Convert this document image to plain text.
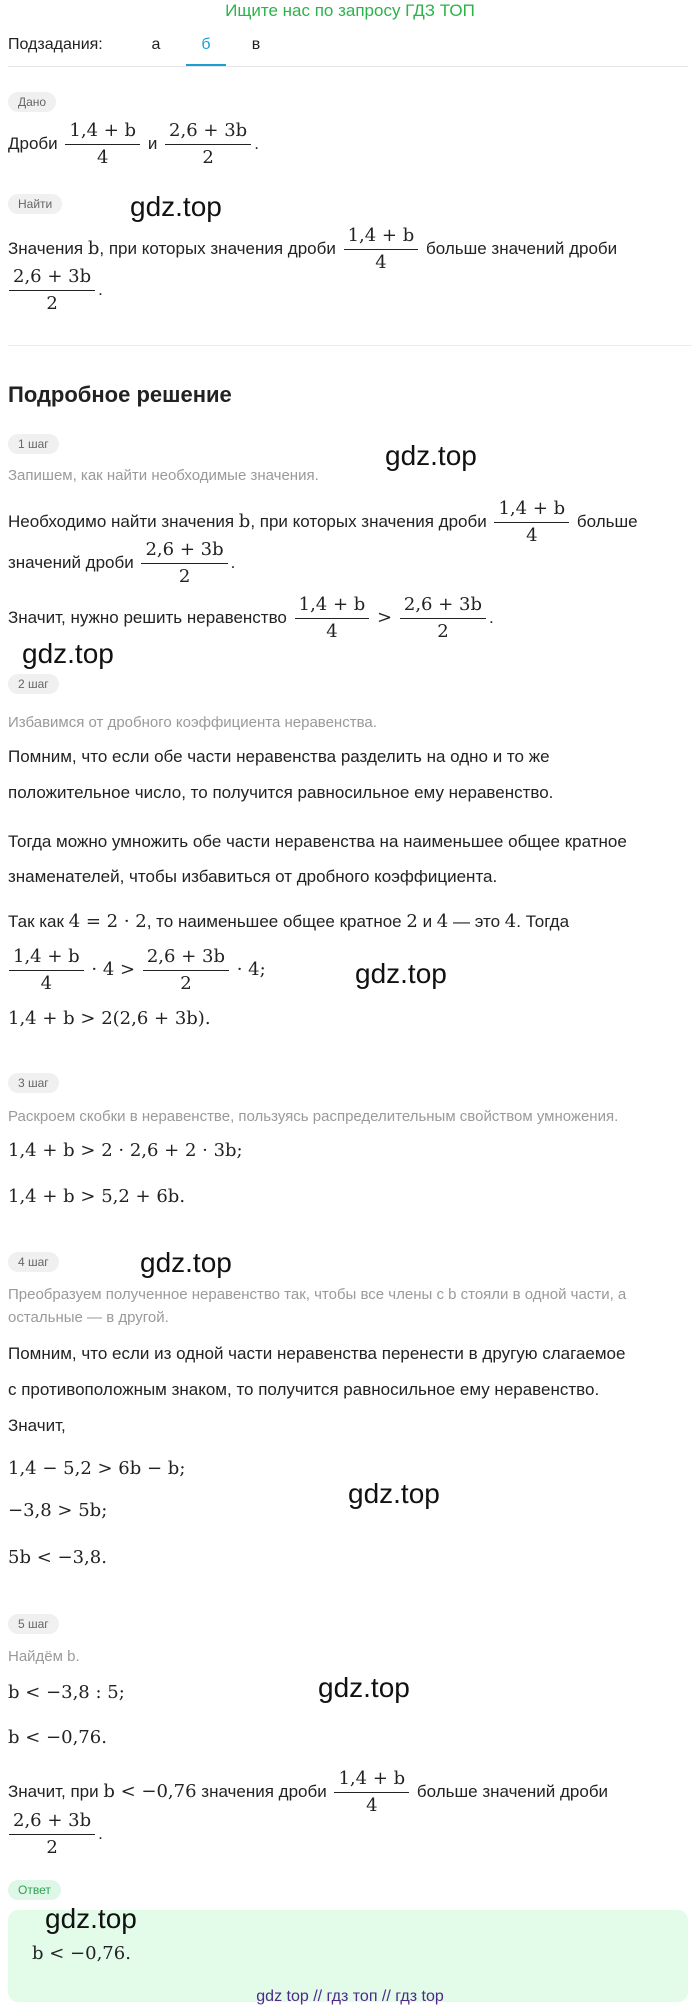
Ищите нас по запросу ГДЗ ТОП
Подзадания:	а	б	в
Дано
Дроби $\frac{1,4 + b}{4}$ и $\frac{2,6 + 3b}{2}$ .
Найти	gdz.top
Значения b, при которых значения дроби $\frac{1,4 + b}{4}$ больше значений дроби
$\frac{2,6 + 3b}{2}$ .
Подробное решение
1 шаг	gdz.top
Запишем, как найти необходимые значения.
Необходимо найти значения b, при которых значения дроби $\frac{1,4 + b}{4}$ больше
значений дроби $\frac{2,6 + 3b}{2}$ .
Значит, нужно решить неравенство $\frac{1,4 + b}{4} > \frac{2,6 + 3b}{2}$ .
gdz.top
2 шаг
Избавимся от дробного коэффициента неравенства.
Помним, что если обе части неравенства разделить на одно и то же
положительное число, то получится равносильное ему неравенство.
Тогда можно умножить обе части неравенства на наименьшее общее кратное
знаменателей, чтобы избавиться от дробного коэффициента.
Так как 4 = 2 · 2, то наименьшее общее кратное 2 и 4 — это 4. Тогда
$\frac{1,4 + b}{4} \cdot 4 > \frac{2,6 + 3b}{2} \cdot 4$;	gdz.top
1,4 + b > 2(2,6 + 3b).
3 шаг
Раскроем скобки в неравенстве, пользуясь распределительным свойством умножения.
1,4 + b > 2 · 2,6 + 2 · 3b;
1,4 + b > 5,2 + 6b.
4 шаг	gdz.top
Преобразуем полученное неравенство так, чтобы все члены с b стояли в одной части, а
остальные — в другой.
Помним, что если из одной части неравенства перенести в другую слагаемое
с противоположным знаком, то получится равносильное ему неравенство.
Значит,
1,4 − 5,2 > 6b − b;
gdz.top
−3,8 > 5b;
5b < −3,8.
5 шаг
Найдём b.
gdz.top
b < −3,8 : 5;
b < −0,76.
Значит, при b < −0,76 значения дроби $\frac{1,4 + b}{4}$ больше значений дроби
$\frac{2,6 + 3b}{2}$ .
Ответ
gdz.top
b < −0,76.
gdz top // гдз топ // гдз top
